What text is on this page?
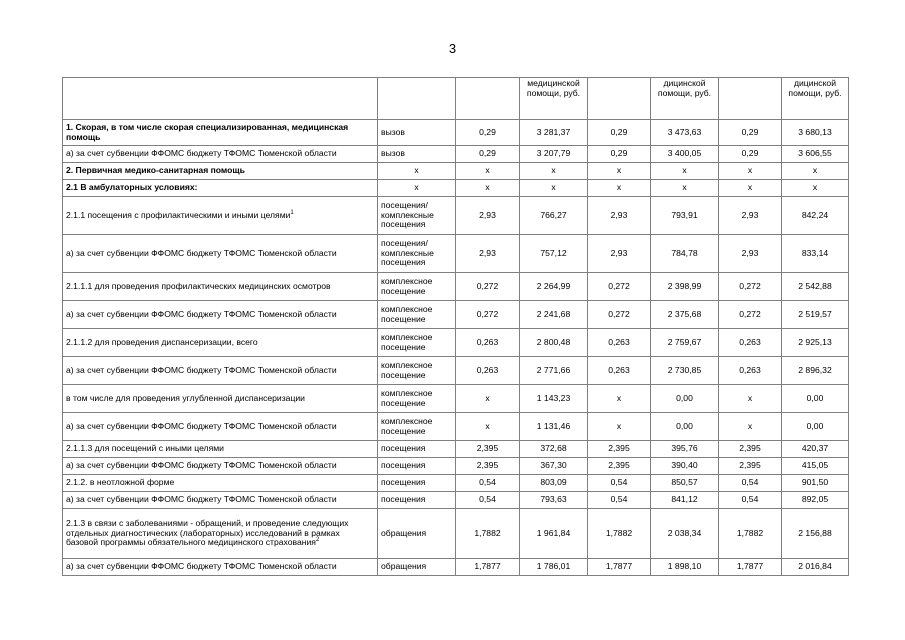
3
			медицинской помощи, руб.		дицинской помощи, руб.		дицинской помощи, руб.
1. Скорая, в том числе скорая специализированная, медицинская помощь	вызов	0,29	3 281,37	0,29	3 473,63	0,29	3 680,13
а) за счет субвенции ФФОМС бюджету ТФОМС Тюменской области	вызов	0,29	3 207,79	0,29	3 400,05	0,29	3 606,55
2. Первичная медико-санитарная помощь	х	х	х	х	х	х	х
2.1 В амбулаторных условиях:	х	х	х	х	х	х	х
2.1.1 посещения с профилактическими и иными целями$^1$	посещения/ комплексные посещения	2,93	766,27	2,93	793,91	2,93	842,24
а) за счет субвенции ФФОМС бюджету ТФОМС Тюменской области	посещения/ комплексные посещения	2,93	757,12	2,93	784,78	2,93	833,14
2.1.1.1 для проведения профилактических медицинских осмотров	комплексное посещение	0,272	2 264,99	0,272	2 398,99	0,272	2 542,88
а) за счет субвенции ФФОМС бюджету ТФОМС Тюменской области	комплексное посещение	0,272	2 241,68	0,272	2 375,68	0,272	2 519,57
2.1.1.2 для проведения диспансеризации, всего	комплексное посещение	0,263	2 800,48	0,263	2 759,67	0,263	2 925,13
а) за счет субвенции ФФОМС бюджету ТФОМС Тюменской области	комплексное посещение	0,263	2 771,66	0,263	2 730,85	0,263	2 896,32
в том числе для проведения углубленной диспансеризации	комплексное посещение	х	1 143,23	х	0,00	х	0,00
а) за счет субвенции ФФОМС бюджету ТФОМС Тюменской области	комплексное посещение	х	1 131,46	х	0,00	х	0,00
2.1.1.3 для посещений с иными целями	посещения	2,395	372,68	2,395	395,76	2,395	420,37
а) за счет субвенции ФФОМС бюджету ТФОМС Тюменской области	посещения	2,395	367,30	2,395	390,40	2,395	415,05
2.1.2. в неотложной форме	посещения	0,54	803,09	0,54	850,57	0,54	901,50
а) за счет субвенции ФФОМС бюджету ТФОМС Тюменской области	посещения	0,54	793,63	0,54	841,12	0,54	892,05
2.1.3 в связи с заболеваниями - обращений, и проведение следующих отдельных диагностических (лабораторных) исследований в рамках базовой программы обязательного медицинского страхования$^2$	обращения	1,7882	1 961,84	1,7882	2 038,34	1,7882	2 156,88
а) за счет субвенции ФФОМС бюджету ТФОМС Тюменской области	обращения	1,7877	1 786,01	1,7877	1 898,10	1,7877	2 016,84
